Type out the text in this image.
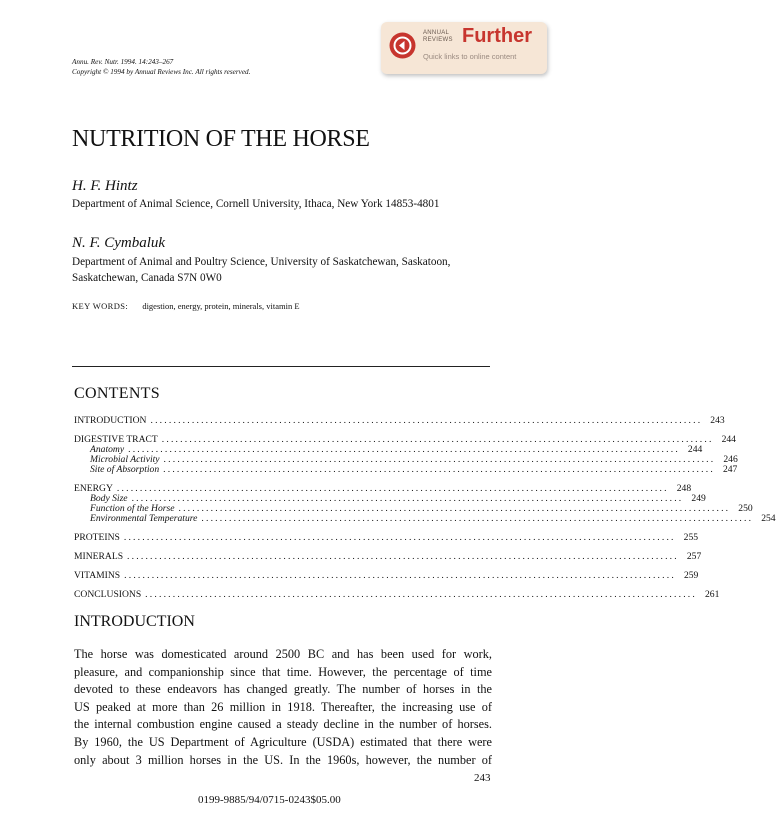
Annu. Rev. Nutr. 1994. 14:243–267
Copyright © 1994 by Annual Reviews Inc. All rights reserved.
ANNUAL
REVIEWS Further
Quick links to online content
NUTRITION OF THE HORSE
H. F. Hintz
Department of Animal Science, Cornell University, Ithaca, New York 14853-4801
N. F. Cymbaluk
Department of Animal and Poultry Science, University of Saskatchewan, Saskatoon,
Saskatchewan, Canada S7N 0W0
KEY WORDS: digestion, energy, protein, minerals, vitamin E
CONTENTS
INTRODUCTION ........................................................................................................................ 243
DIGESTIVE TRACT ........................................................................................................................ 244
Anatomy ........................................................................................................................ 244
Microbial Activity ........................................................................................................................ 246
Site of Absorption ........................................................................................................................ 247
ENERGY ........................................................................................................................ 248
Body Size ........................................................................................................................ 249
Function of the Horse ........................................................................................................................ 250
Environmental Temperature ........................................................................................................................ 254
PROTEINS ........................................................................................................................ 255
MINERALS ........................................................................................................................ 257
VITAMINS ........................................................................................................................ 259
CONCLUSIONS ........................................................................................................................ 261
INTRODUCTION
The horse was domesticated around 2500 BC and has been used for work,
pleasure, and companionship since that time. However, the percentage of time
devoted to these endeavors has changed greatly. The number of horses in the
US peaked at more than 26 million in 1918. Thereafter, the increasing use of
the internal combustion engine caused a steady decline in the number of horses.
By 1960, the US Department of Agriculture (USDA) estimated that there were
only about 3 million horses in the US. In the 1960s, however, the number of
243
0199-9885/94/0715-0243$05.00
